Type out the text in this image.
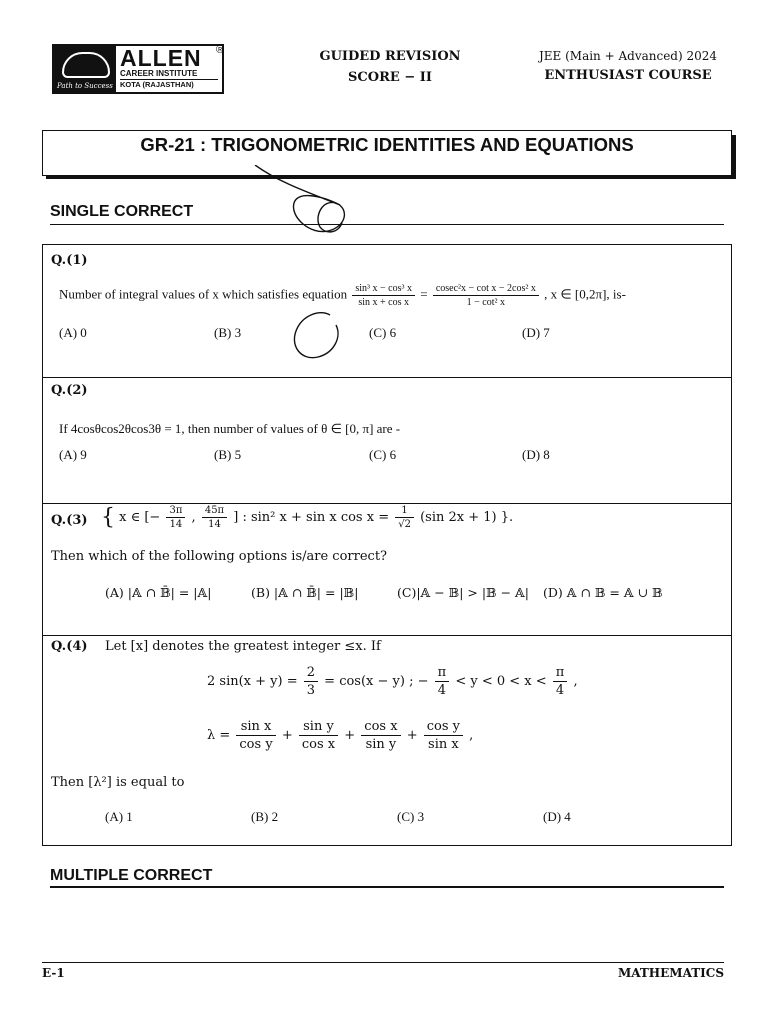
Path to Success
ALLEN
CAREER INSTITUTE
KOTA (RAJASTHAN)
®	GUIDED REVISION
SCORE − II
JEE (Main + Advanced) 2024
ENTHUSIAST COURSE
GR-21 : TRIGONOMETRIC IDENTITIES AND EQUATIONS
SINGLE CORRECT
Q.(1)
Number of integral values of x which satisfies equation $\frac{\text{sin³ x − cos³ x}}{\text{sin x + cos x}} = \frac{\text{cosec²x − cot x − 2cos² x}}{\text{1 − cot² x}}$ , x ∈ [0,2π], is-
(A) 0	(B) 3	(C) 6	(D) 7
Q.(2)
If 4cosθcos2θcos3θ = 1, then number of values of θ ∈ [0, π] are -
(A) 9	(B) 5	(C) 6	(D) 8
Q.(3) { x ∈ [− $\frac{3\pi}{14}$ , $\frac{45\pi}{14}$ ] : sin² x + sin x $\cos x = \frac{1}{√2} (\sin$ 2x + 1) }.
Then which of the following options is/are correct?
(A) |𝔸 ∩ 𝔹̄| = |𝔸|	(B) |𝔸 ∩ 𝔹̄| = |𝔹|	(C)|𝔸 − 𝔹| > |𝔹 − 𝔸| (D) 𝔸 ∩ 𝔹 = 𝔸 ∪ 𝔹
Q.(4) Let [x] denotes the greatest integer ≤x. If
2 $\sin(x + y) = \frac{2}{3} = \cos(x - y)$ ; − $\frac{\pi}{4} < y < 0 < x < \frac{\pi}{4}$ ,
$\lambda = \frac{\text{sin x}}{\text{cos y}} + \frac{\text{sin y}}{\text{cos x}} + \frac{\text{cos x}}{\text{sin y}} + \frac{\text{cos y}}{\text{sin x}}$ ,
Then [λ²] is equal to
(A) 1	(B) 2	(C) 3	(D) 4
MULTIPLE CORRECT
E-1	MATHEMATICS
